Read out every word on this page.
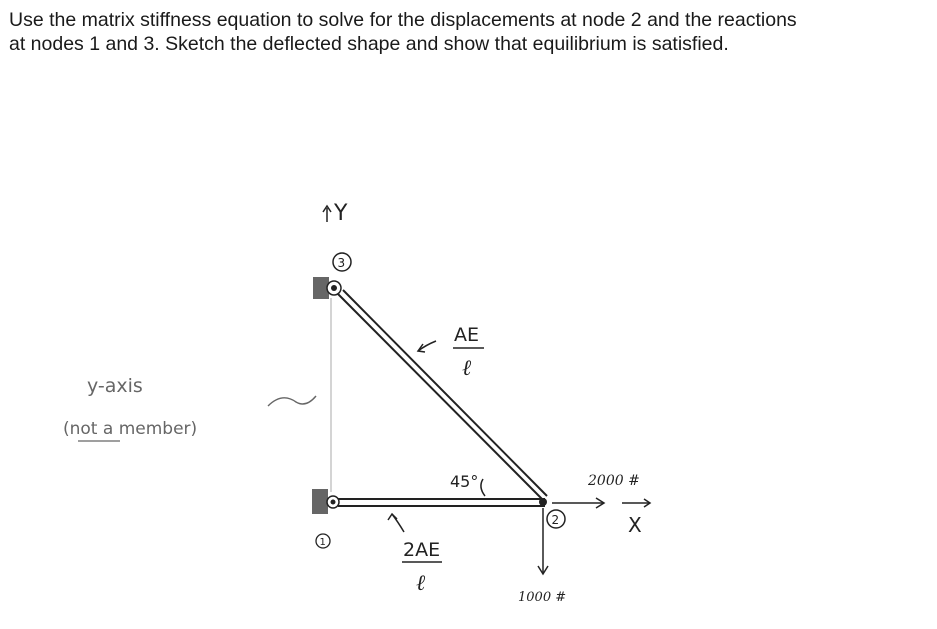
Use the matrix stiffness equation to solve for the displacements at node 2 and the reactions
at nodes 1 and 3. Sketch the deflected shape and show that equilibrium is satisfied.
Y
3
1
2
AE
ℓ
2AE
ℓ
45°	2000 #
X
1000 #
y-axis
(not a member)
